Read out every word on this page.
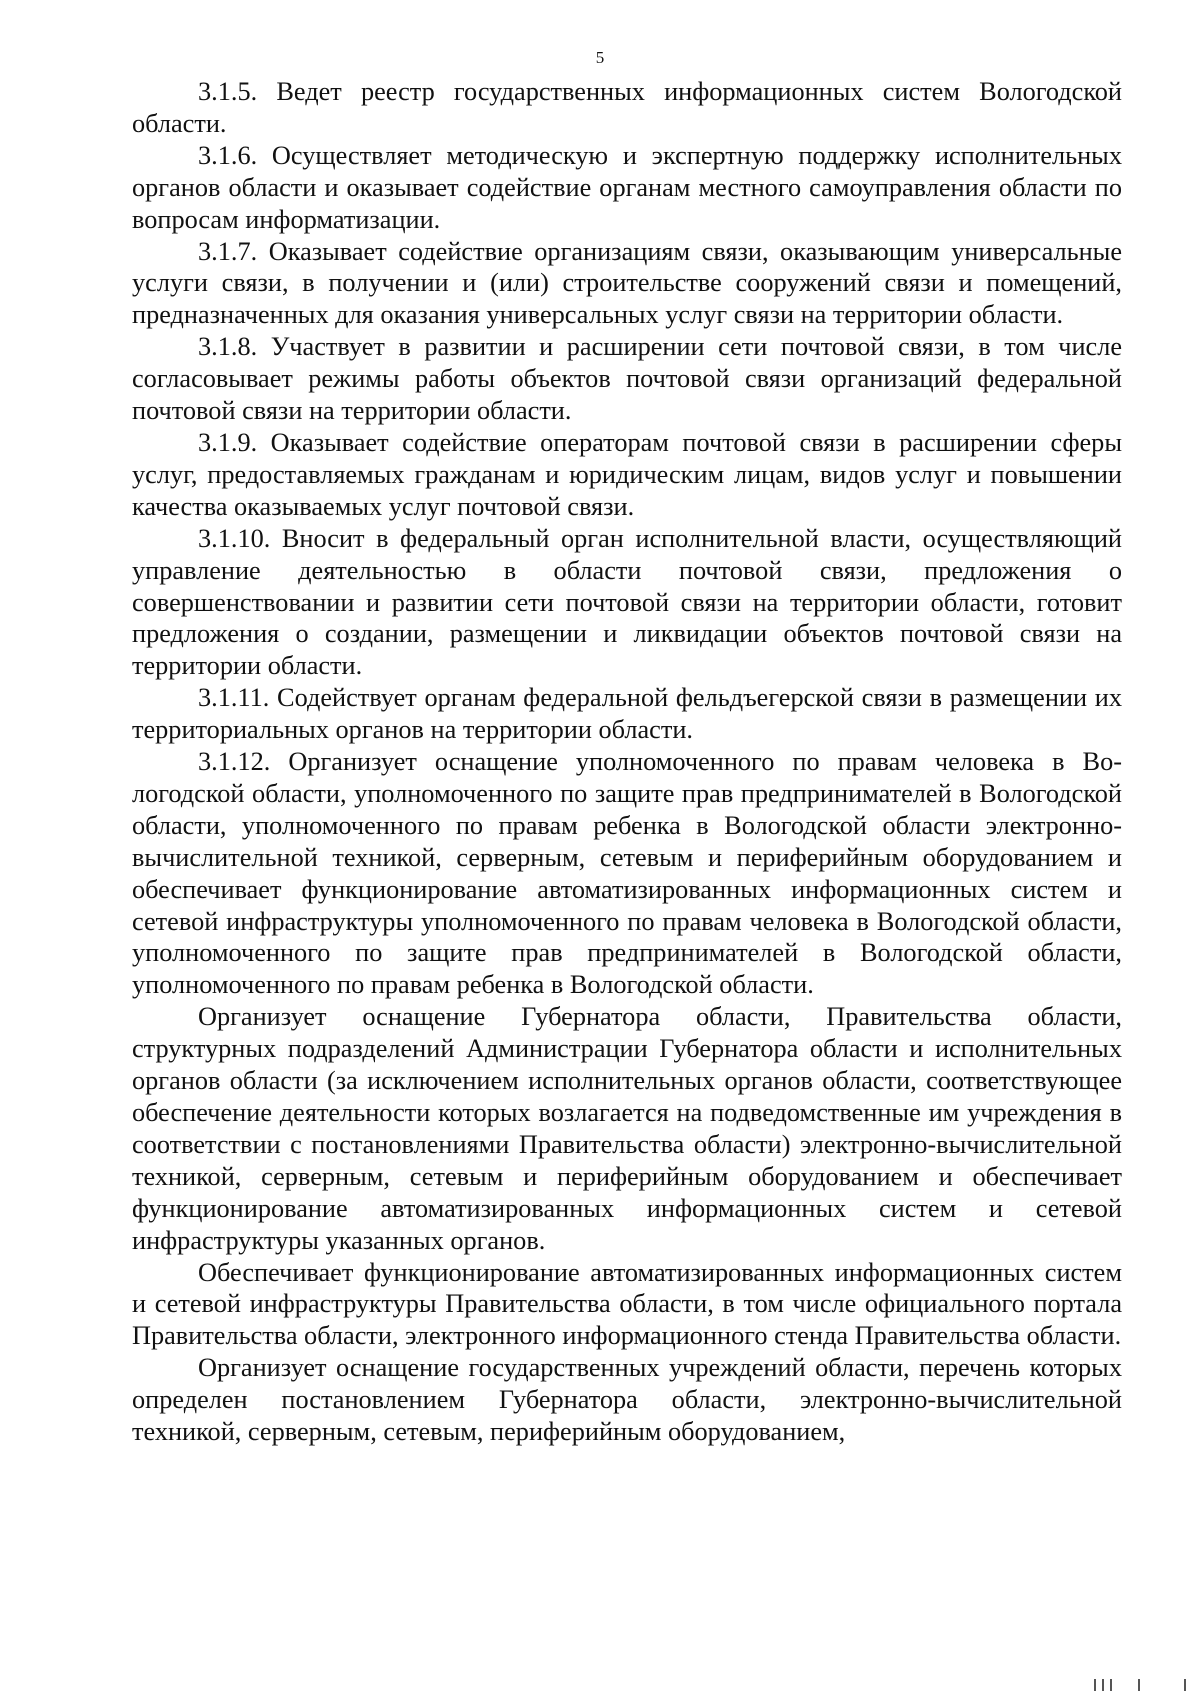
5

3.1.5. Ведет реестр государственных информационных систем Вологодской области.

3.1.6. Осуществляет методическую и экспертную поддержку исполнительных органов области и оказывает содействие органам местного самоуправления области по вопросам информатизации.

3.1.7. Оказывает содействие организациям связи, оказывающим универсальные услуги связи, в получении и (или) строительстве сооружений связи и помещений, предназначенных для оказания универсальных услуг связи на территории области.

3.1.8. Участвует в развитии и расширении сети почтовой связи, в том числе согласовывает режимы работы объектов почтовой связи организаций федеральной почтовой связи на территории области.

3.1.9. Оказывает содействие операторам почтовой связи в расширении сферы услуг, предоставляемых гражданам и юридическим лицам, видов услуг и повышении качества оказываемых услуг почтовой связи.

3.1.10. Вносит в федеральный орган исполнительной власти, осуществляющий управление деятельностью в области почтовой связи, предложения о совершенствовании и развитии сети почтовой связи на территории области, готовит предложения о создании, размещении и ликвидации объектов почтовой связи на территории области.

3.1.11. Содействует органам федеральной фельдъегерской связи в размещении их территориальных органов на территории области.

3.1.12. Организует оснащение уполномоченного по правам человека в Вологодской области, уполномоченного по защите прав предпринимателей в Вологодской области, уполномоченного по правам ребенка в Вологодской области электронно-вычислительной техникой, серверным, сетевым и периферийным оборудованием и обеспечивает функционирование автоматизированных информационных систем и сетевой инфраструктуры уполномоченного по правам человека в Вологодской области, уполномоченного по защите прав предпринимателей в Вологодской области, уполномоченного по правам ребенка в Вологодской области.

Организует оснащение Губернатора области, Правительства области, структурных подразделений Администрации Губернатора области и исполнительных органов области (за исключением исполнительных органов области, соответствующее обеспечение деятельности которых возлагается на подведомственные им учреждения в соответствии с постановлениями Правительства области) электронно-вычислительной техникой, серверным, сетевым и периферийным оборудованием и обеспечивает функционирование автоматизированных информационных систем и сетевой инфраструктуры указанных органов.

Обеспечивает функционирование автоматизированных информационных систем и сетевой инфраструктуры Правительства области, в том числе официального портала Правительства области, электронного информационного стенда Правительства области.

Организует оснащение государственных учреждений области, перечень которых определен постановлением Губернатора области, электронно-вычислительной техникой, серверным, сетевым, периферийным оборудованием,
